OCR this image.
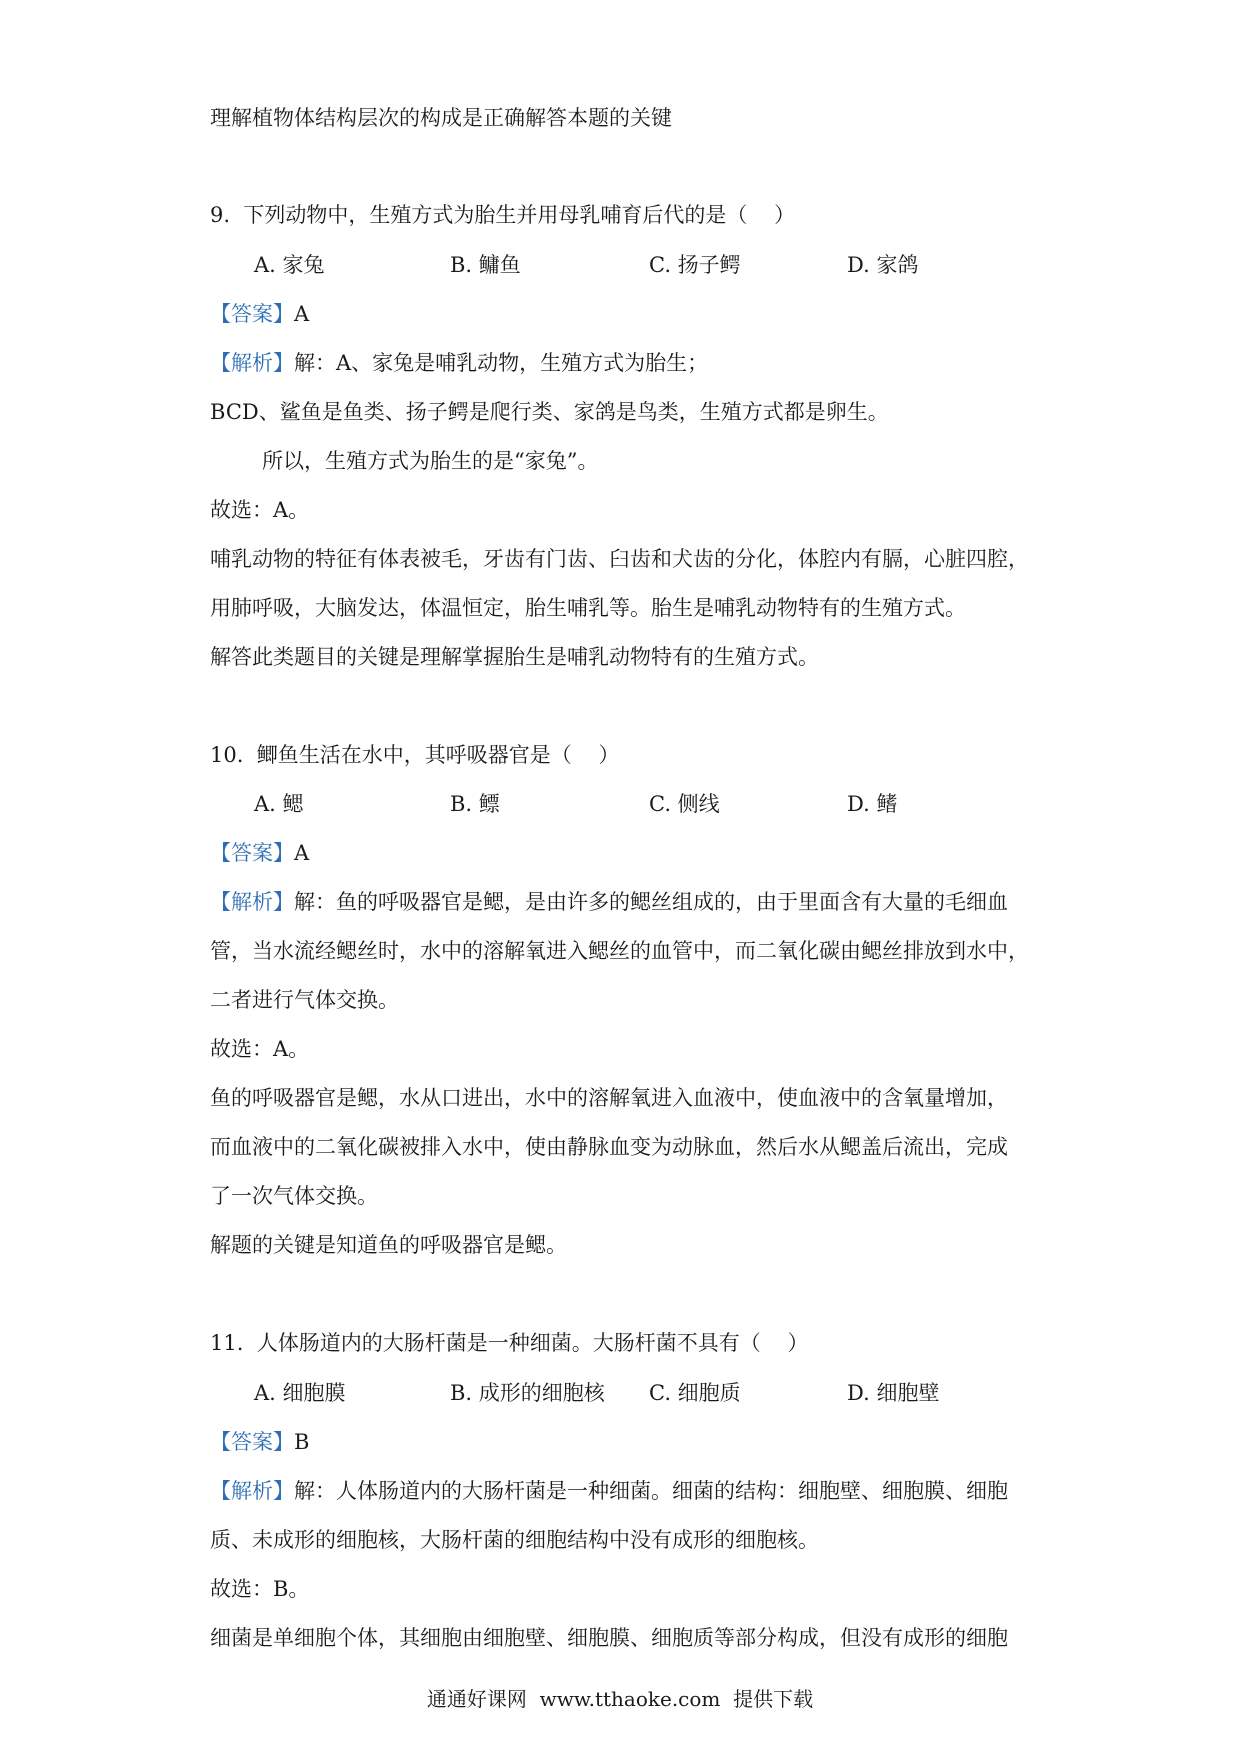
理解植物体结构层次的构成是正确解答本题的关键

9.  下列动物中，生殖方式为胎生并用母乳哺育后代的是（    ）

A. 家兔	B. 鳙鱼	C. 扬子鳄	D. 家鸽

【答案】A

【解析】解：A、家兔是哺乳动物，生殖方式为胎生；

BCD、鲨鱼是鱼类、扬子鳄是爬行类、家鸽是鸟类，生殖方式都是卵生。

所以，生殖方式为胎生的是“家兔”。

故选：A。

哺乳动物的特征有体表被毛，牙齿有门齿、臼齿和犬齿的分化，体腔内有膈，心脏四腔，

用肺呼吸，大脑发达，体温恒定，胎生哺乳等。胎生是哺乳动物特有的生殖方式。

解答此类题目的关键是理解掌握胎生是哺乳动物特有的生殖方式。

10.  鲫鱼生活在水中，其呼吸器官是（    ）

A. 鳃	B. 鳔	C. 侧线	D. 鳍

【答案】A

【解析】解：鱼的呼吸器官是鳃，是由许多的鳃丝组成的，由于里面含有大量的毛细血

管，当水流经鳃丝时，水中的溶解氧进入鳃丝的血管中，而二氧化碳由鳃丝排放到水中，

二者进行气体交换。

故选：A。

鱼的呼吸器官是鳃，水从口进出，水中的溶解氧进入血液中，使血液中的含氧量增加，

而血液中的二氧化碳被排入水中，使由静脉血变为动脉血，然后水从鳃盖后流出，完成

了一次气体交换。

解题的关键是知道鱼的呼吸器官是鳃。

11.  人体肠道内的大肠杆菌是一种细菌。大肠杆菌不具有（    ）

A. 细胞膜	B. 成形的细胞核 C. 细胞质	D. 细胞壁

【答案】B

【解析】解：人体肠道内的大肠杆菌是一种细菌。细菌的结构：细胞壁、细胞膜、细胞

质、未成形的细胞核，大肠杆菌的细胞结构中没有成形的细胞核。

故选：B。

细菌是单细胞个体，其细胞由细胞壁、细胞膜、细胞质等部分构成，但没有成形的细胞

通通好课网  www.tthaoke.com  提供下载
